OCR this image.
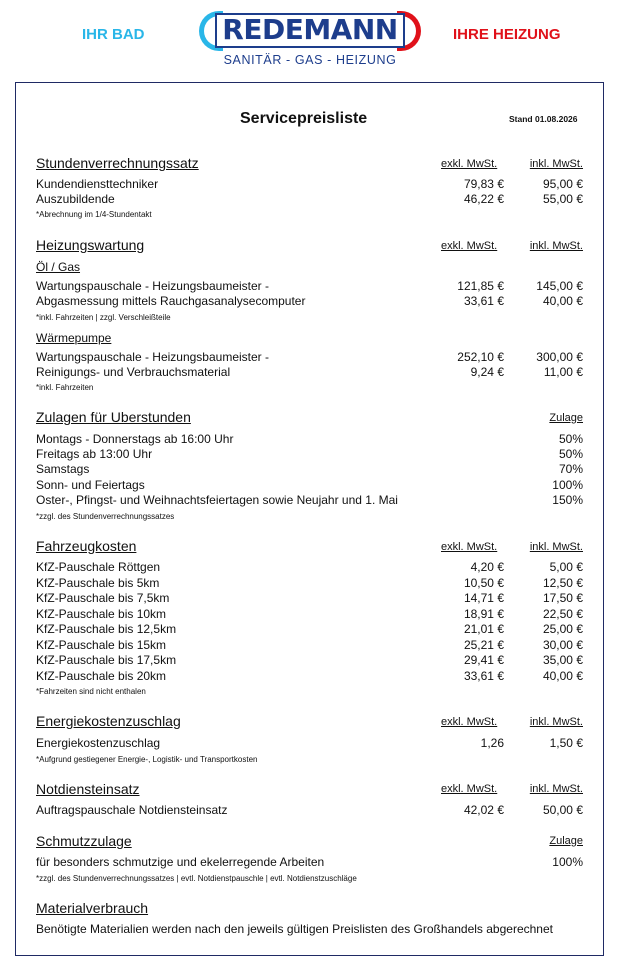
IHR BAD	REDEMANN
SANITÄR - GAS - HEIZUNG
IHRE HEIZUNG
Servicepreisliste	Stand 01.08.2026
Stundenverrechnungssatz	exkl. MwSt.	inkl. MwSt.
Kundendiensttechniker	79,83 €	95,00 €
Auszubildende	46,22 €	55,00 €
*Abrechnung im 1/4-Stundentakt
Heizungswartung	exkl. MwSt.	inkl. MwSt.
Öl / Gas
Wartungspauschale - Heizungsbaumeister -	121,85 €	145,00 €
Abgasmessung mittels Rauchgasanalysecomputer	33,61 €	40,00 €
*inkl. Fahrzeiten | zzgl. Verschleißteile
Wärmepumpe
Wartungspauschale - Heizungsbaumeister -	252,10 €	300,00 €
Reinigungs- und Verbrauchsmaterial	9,24 €	11,00 €
*inkl. Fahrzeiten
Zulagen für Uberstunden	Zulage
Montags - Donnerstags ab 16:00 Uhr	50%
Freitags ab 13:00 Uhr	50%
Samstags	70%
Sonn- und Feiertags	100%
Oster-, Pfingst- und Weihnachtsfeiertagen sowie Neujahr und 1. Mai	150%
*zzgl. des Stundenverrechnungssatzes
Fahrzeugkosten	exkl. MwSt.	inkl. MwSt.
KfZ-Pauschale Röttgen	4,20 €	5,00 €
KfZ-Pauschale bis 5km	10,50 €	12,50 €
KfZ-Pauschale bis 7,5km	14,71 €	17,50 €
KfZ-Pauschale bis 10km	18,91 €	22,50 €
KfZ-Pauschale bis 12,5km	21,01 €	25,00 €
KfZ-Pauschale bis 15km	25,21 €	30,00 €
KfZ-Pauschale bis 17,5km	29,41 €	35,00 €
KfZ-Pauschale bis 20km	33,61 €	40,00 €
*Fahrzeiten sind nicht enthalen
Energiekostenzuschlag	exkl. MwSt.	inkl. MwSt.
Energiekostenzuschlag	1,26	1,50 €
*Aufgrund gestiegener Energie-, Logistik- und Transportkosten
Notdiensteinsatz	exkl. MwSt.	inkl. MwSt.
Auftragspauschale Notdiensteinsatz	42,02 €	50,00 €
Schmutzzulage	Zulage
für besonders schmutzige und ekelerregende Arbeiten	100%
*zzgl. des Stundenverrechnungssatzes | evtl. Notdienstpauschle | evtl. Notdienstzuschläge
Materialverbrauch
Benötigte Materialien werden nach den jeweils gültigen Preislisten des Großhandels abgerechnet
